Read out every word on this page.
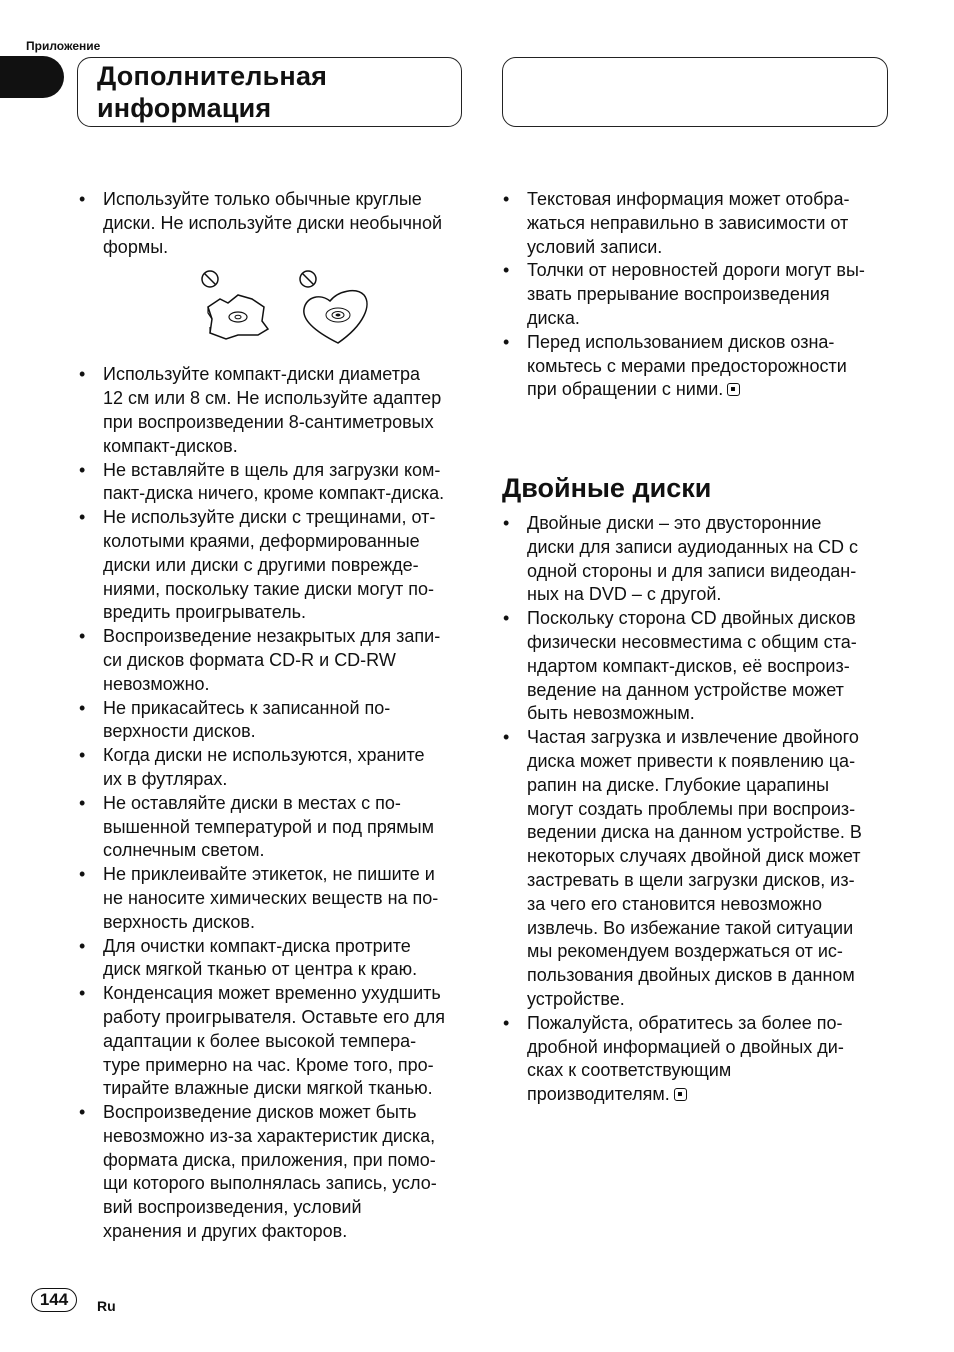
Приложение
Дополнительная
информация
• Используйте только обычные круглые
диски. Не используйте диски необычной
формы.
• Используйте компакт-диски диаметра
12 см или 8 см. Не используйте адаптер
при воспроизведении 8-сантиметровых
компакт-дисков.
• Не вставляйте в щель для загрузки ком-
пакт-диска ничего, кроме компакт-диска.
• Не используйте диски с трещинами, от-
колотыми краями, деформированные
диски или диски с другими поврежде-
ниями, поскольку такие диски могут по-
вредить проигрыватель.
• Воспроизведение незакрытых для запи-
си дисков формата CD-R и CD-RW
невозможно.
• Не прикасайтесь к записанной по-
верхности дисков.
• Когда диски не используются, храните
их в футлярах.
• Не оставляйте диски в местах с по-
вышенной температурой и под прямым
солнечным светом.
• Не приклеивайте этикеток, не пишите и
не наносите химических веществ на по-
верхность дисков.
• Для очистки компакт-диска протрите
диск мягкой тканью от центра к краю.
• Конденсация может временно ухудшить
работу проигрывателя. Оставьте его для
адаптации к более высокой темпера-
туре примерно на час. Кроме того, про-
тирайте влажные диски мягкой тканью.
• Воспроизведение дисков может быть
невозможно из-за характеристик диска,
формата диска, приложения, при помо-
щи которого выполнялась запись, усло-
вий воспроизведения, условий
хранения и других факторов.
• Текстовая информация может отобра-
жаться неправильно в зависимости от
условий записи.
• Толчки от неровностей дороги могут вы-
звать прерывание воспроизведения
диска.
• Перед использованием дисков озна-
комьтесь с мерами предосторожности
при обращении с ними.
Двойные диски
• Двойные диски – это двусторонние
диски для записи аудиоданных на CD с
одной стороны и для записи видеодан-
ных на DVD – с другой.
• Поскольку сторона CD двойных дисков
физически несовместима с общим ста-
ндартом компакт-дисков, её воспроиз-
ведение на данном устройстве может
быть невозможным.
• Частая загрузка и извлечение двойного
диска может привести к появлению ца-
рапин на диске. Глубокие царапины
могут создать проблемы при воспроиз-
ведении диска на данном устройстве. В
некоторых случаях двойной диск может
застревать в щели загрузки дисков, из-
за чего его становится невозможно
извлечь. Во избежание такой ситуации
мы рекомендуем воздержаться от ис-
пользования двойных дисков в данном
устройстве.
• Пожалуйста, обратитесь за более по-
дробной информацией о двойных ди-
сках к соответствующим
производителям.
144	Ru
